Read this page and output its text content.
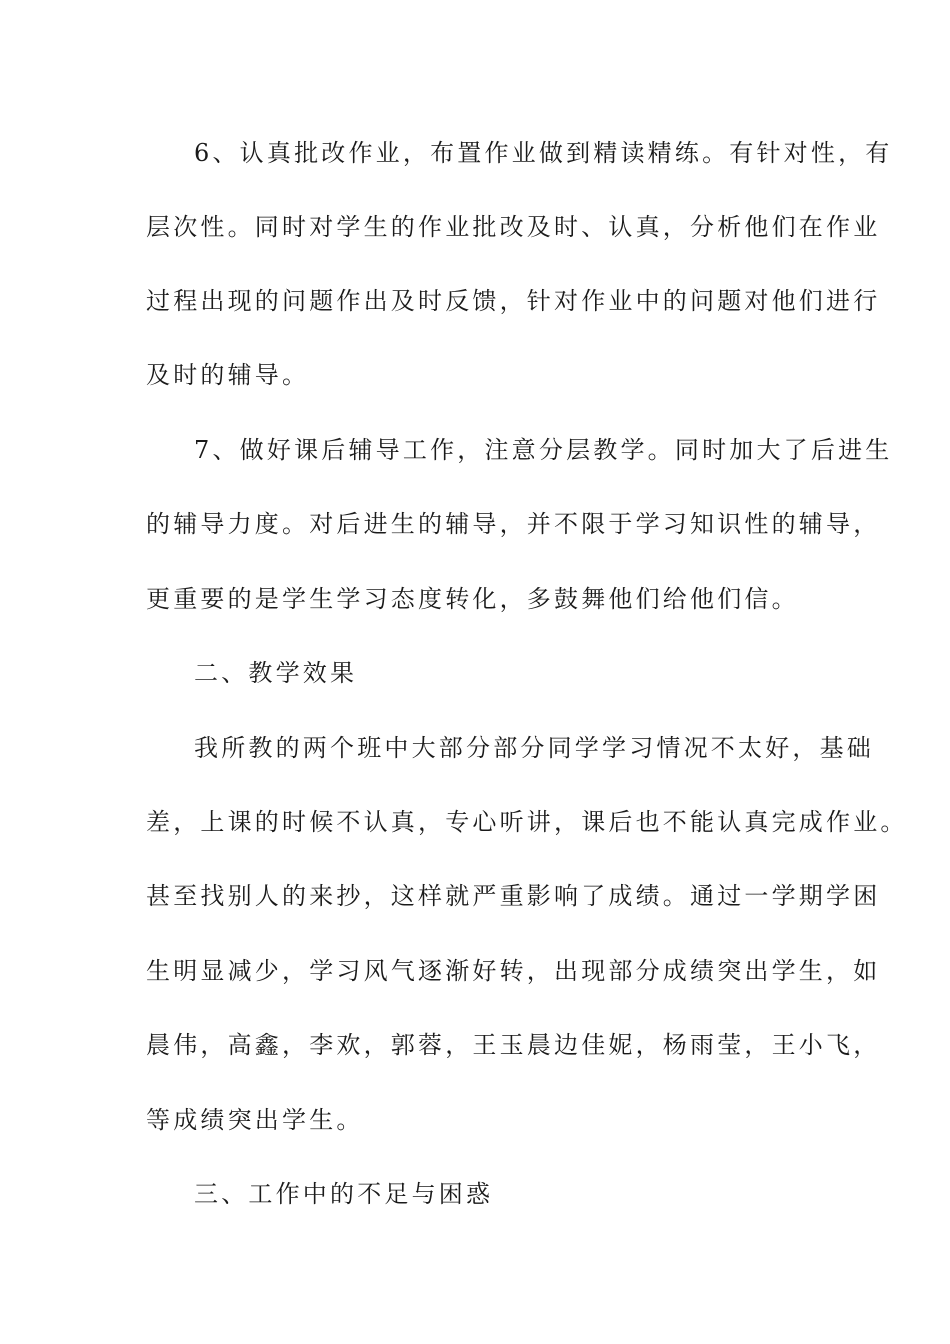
6、认真批改作业，布置作业做到精读精练。有针对性，有
层次性。同时对学生的作业批改及时、认真，分析他们在作业
过程出现的问题作出及时反馈，针对作业中的问题对他们进行
及时的辅导。
7、做好课后辅导工作，注意分层教学。同时加大了后进生
的辅导力度。对后进生的辅导，并不限于学习知识性的辅导，
更重要的是学生学习态度转化，多鼓舞他们给他们信。
二、教学效果
我所教的两个班中大部分部分同学学习情况不太好，基础
差，上课的时候不认真，专心听讲，课后也不能认真完成作业。
甚至找别人的来抄，这样就严重影响了成绩。通过一学期学困
生明显减少，学习风气逐渐好转，出现部分成绩突出学生，如
晨伟，高鑫，李欢，郭蓉，王玉晨边佳妮，杨雨莹，王小飞，
等成绩突出学生。
三、工作中的不足与困惑
